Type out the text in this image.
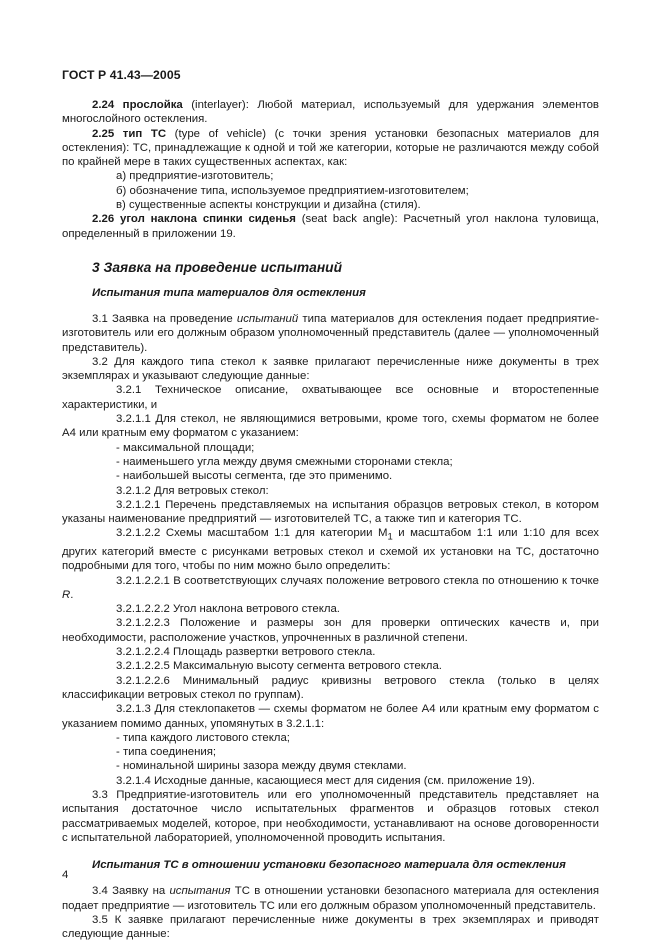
ГОСТ Р 41.43—2005

2.24 прослойка (interlayer): Любой материал, используемый для удержания элементов многослойного остекления.

2.25 тип ТС (type of vehicle) (с точки зрения установки безопасных материалов для остекления): ТС, принадлежащие к одной и той же категории, которые не различаются между собой по крайней мере в таких существенных аспектах, как:

а) предприятие-изготовитель;

б) обозначение типа, используемое предприятием-изготовителем;

в) существенные аспекты конструкции и дизайна (стиля).

2.26 угол наклона спинки сиденья (seat back angle): Расчетный угол наклона туловища, определенный в приложении 19.

3 Заявка на проведение испытаний
Испытания типа материалов для остекления

3.1 Заявка на проведение испытаний типа материалов для остекления подает предприятие-изготовитель или его должным образом уполномоченный представитель (далее — уполномоченный представитель).

3.2 Для каждого типа стекол к заявке прилагают перечисленные ниже документы в трех экземплярах и указывают следующие данные:

3.2.1 Техническое описание, охватывающее все основные и второстепенные характеристики, и

3.2.1.1 Для стекол, не являющимися ветровыми, кроме того, схемы форматом не более А4 или кратным ему форматом с указанием:

- максимальной площади;

- наименьшего угла между двумя смежными сторонами стекла;

- наибольшей высоты сегмента, где это применимо.

3.2.1.2 Для ветровых стекол:

3.2.1.2.1 Перечень представляемых на испытания образцов ветровых стекол, в котором указаны наименование предприятий — изготовителей ТС, а также тип и категория ТС.

3.2.1.2.2 Схемы масштабом 1:1 для категории $M_1$ и масштабом 1:1 или 1:10 для всех других категорий вместе с рисунками ветровых стекол и схемой их установки на ТС, достаточно подробными для того, чтобы по ним можно было определить:

3.2.1.2.2.1 В соответствующих случаях положение ветрового стекла по отношению к точке R.

3.2.1.2.2.2 Угол наклона ветрового стекла.

3.2.1.2.2.3 Положение и размеры зон для проверки оптических качеств и, при необходимости, расположение участков, упрочненных в различной степени.

3.2.1.2.2.4 Площадь развертки ветрового стекла.

3.2.1.2.2.5 Максимальную высоту сегмента ветрового стекла.

3.2.1.2.2.6 Минимальный радиус кривизны ветрового стекла (только в целях классификации ветровых стекол по группам).

3.2.1.3 Для стеклопакетов — схемы форматом не более А4 или кратным ему форматом с указанием помимо данных, упомянутых в 3.2.1.1:

- типа каждого листового стекла;

- типа соединения;

- номинальной ширины зазора между двумя стеклами.

3.2.1.4 Исходные данные, касающиеся мест для сидения (см. приложение 19).

3.3 Предприятие-изготовитель или его уполномоченный представитель представляет на испытания достаточное число испытательных фрагментов и образцов готовых стекол рассматриваемых моделей, которое, при необходимости, устанавливают на основе договоренности с испытательной лабораторией, уполномоченной проводить испытания.

Испытания ТС в отношении установки безопасного материала для остекления

3.4 Заявку на испытания ТС в отношении установки безопасного материала для остекления подает предприятие — изготовитель ТС или его должным образом уполномоченный представитель.

3.5 К заявке прилагают перечисленные ниже документы в трех экземплярах и приводят следующие данные:

4
